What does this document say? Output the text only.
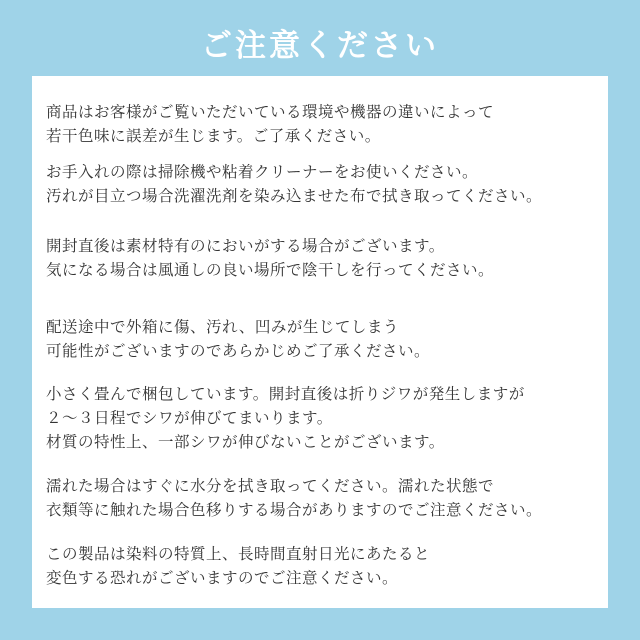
ご注意ください

商品はお客様がご覧いただいている環境や機器の違いによって
若干色味に誤差が生じます。ご了承ください。

お手入れの際は掃除機や粘着クリーナーをお使いください。
汚れが目立つ場合洗濯洗剤を染み込ませた布で拭き取ってください。

開封直後は素材特有のにおいがする場合がございます。
気になる場合は風通しの良い場所で陰干しを行ってください。

配送途中で外箱に傷、汚れ、凹みが生じてしまう
可能性がございますのであらかじめご了承ください。

小さく畳んで梱包しています。開封直後は折りジワが発生しますが
２〜３日程でシワが伸びてまいります。
材質の特性上、一部シワが伸びないことがございます。

濡れた場合はすぐに水分を拭き取ってください。濡れた状態で
衣類等に触れた場合色移りする場合がありますのでご注意ください。

この製品は染料の特質上、長時間直射日光にあたると
変色する恐れがございますのでご注意ください。
